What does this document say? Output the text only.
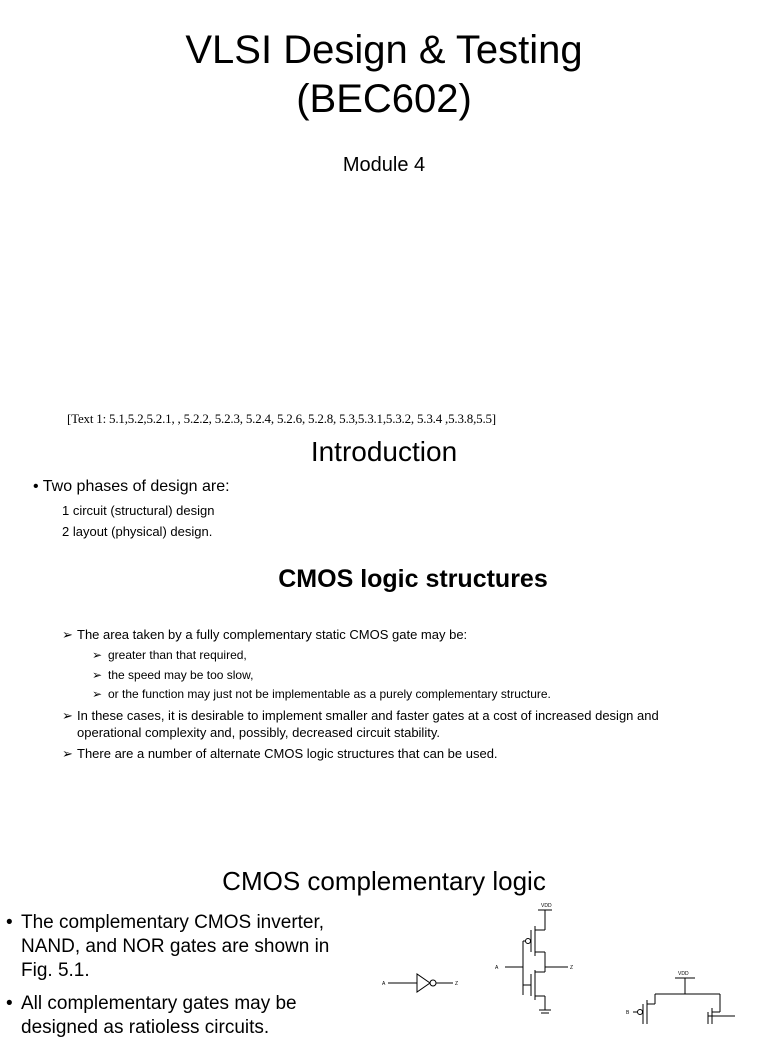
VLSI Design & Testing
(BEC602)
Module 4
[Text 1: 5.1,5.2,5.2.1, , 5.2.2, 5.2.3, 5.2.4, 5.2.6, 5.2.8, 5.3,5.3.1,5.3.2, 5.3.4 ,5.3.8,5.5]
Introduction
• Two phases of design are:
1 circuit (structural) design
2 layout (physical) design.
CMOS logic structures
➢ The area taken by a fully complementary static CMOS gate may be:
➢ greater than that required,
➢ the speed may be too slow,
➢ or the function may just not be implementable as a purely complementary structure.
➢ In these cases, it is desirable to implement smaller and faster gates at a cost of increased design and
operational complexity and, possibly, decreased circuit stability.
➢ There are a number of alternate CMOS logic structures that can be used.
CMOS complementary logic
• The complementary CMOS inverter, NAND, and NOR gates are shown in Fig. 5.1.
• All complementary gates may be designed as ratioless circuits.
VDD
VDD
A	Z
A	Z
B
